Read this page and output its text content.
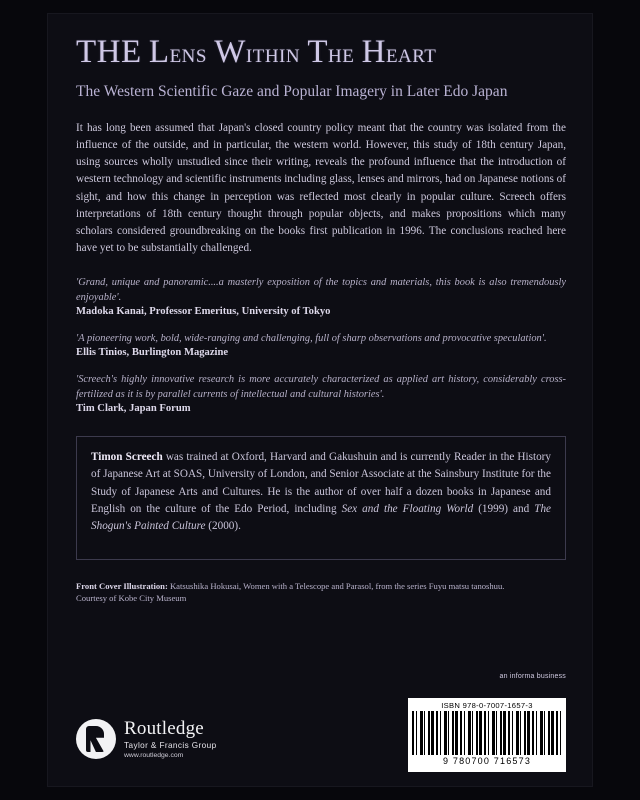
THE Lens Within The Heart
The Western Scientific Gaze and Popular Imagery in Later Edo Japan

It has long been assumed that Japan's closed country policy meant that the country was isolated from the influence of the outside, and in particular, the western world. However, this study of 18th century Japan, using sources wholly unstudied since their writing, reveals the profound influence that the introduction of western technology and scientific instruments including glass, lenses and mirrors, had on Japanese notions of sight, and how this change in perception was reflected most clearly in popular culture. Screech offers interpretations of 18th century thought through popular objects, and makes propositions which many scholars considered groundbreaking on the books first publication in 1996. The conclusions reached here have yet to be substantially challenged.

'Grand, unique and panoramic....a masterly exposition of the topics and materials, this book is also tremendously enjoyable'.

Madoka Kanai, Professor Emeritus, University of Tokyo

'A pioneering work, bold, wide-ranging and challenging, full of sharp observations and provocative speculation'.

Ellis Tinios, Burlington Magazine

'Screech's highly innovative research is more accurately characterized as applied art history, considerably cross-fertilized as it is by parallel currents of intellectual and cultural histories'.

Tim Clark, Japan Forum

Timon Screech was trained at Oxford, Harvard and Gakushuin and is currently Reader in the History of Japanese Art at SOAS, University of London, and Senior Associate at the Sainsbury Institute for the Study of Japanese Arts and Cultures. He is the author of over half a dozen books in Japanese and English on the culture of the Edo Period, including Sex and the Floating World (1999) and The Shogun's Painted Culture (2000).

Front Cover Illustration: Katsushika Hokusai, Women with a Telescope and Parasol, from the series Fuyu matsu tanoshuu.
Courtesy of Kobe City Museum
an informa business
Routledge
Taylor & Francis Group
www.routledge.com
ISBN 978-0-7007-1657-3
9 780700 716573
